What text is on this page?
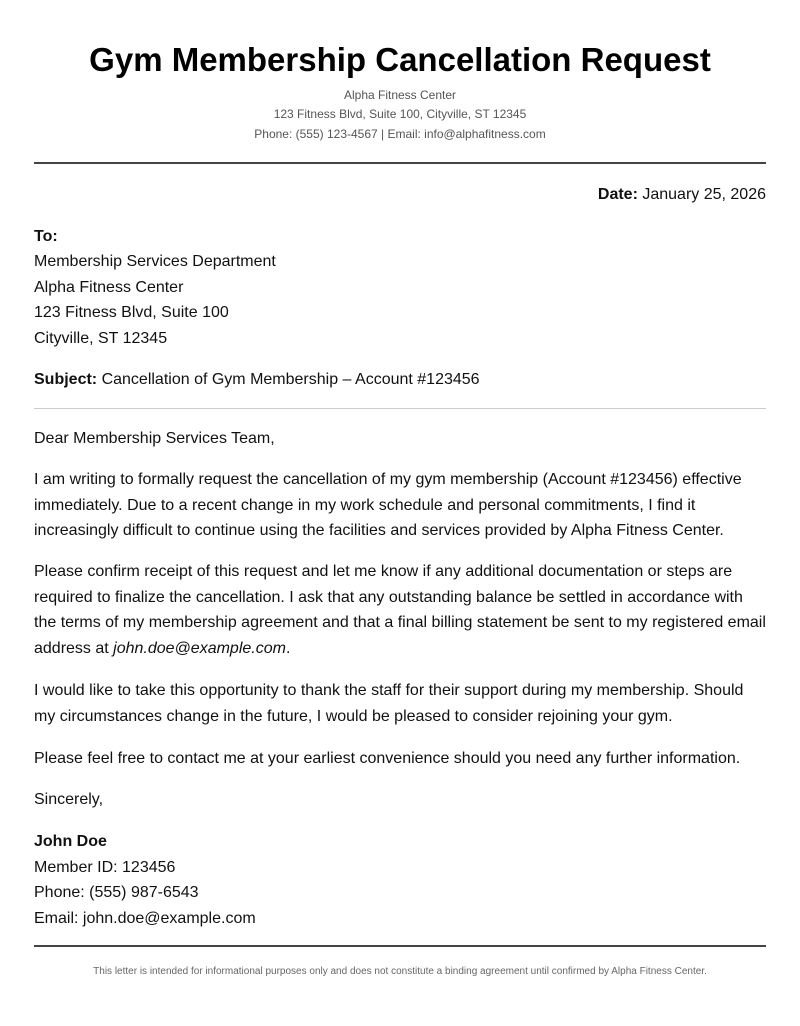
Gym Membership Cancellation Request
Alpha Fitness Center
123 Fitness Blvd, Suite 100, Cityville, ST 12345
Phone: (555) 123-4567 | Email: info@alphafitness.com
Date: January 25, 2026
To:
Membership Services Department
Alpha Fitness Center
123 Fitness Blvd, Suite 100
Cityville, ST 12345
Subject: Cancellation of Gym Membership – Account #123456
Dear Membership Services Team,
I am writing to formally request the cancellation of my gym membership (Account #123456) effective immediately. Due to a recent change in my work schedule and personal commitments, I find it increasingly difficult to continue using the facilities and services provided by Alpha Fitness Center.
Please confirm receipt of this request and let me know if any additional documentation or steps are required to finalize the cancellation. I ask that any outstanding balance be settled in accordance with the terms of my membership agreement and that a final billing statement be sent to my registered email address at john.doe@example.com.
I would like to take this opportunity to thank the staff for their support during my membership. Should my circumstances change in the future, I would be pleased to consider rejoining your gym.
Please feel free to contact me at your earliest convenience should you need any further information.
Sincerely,
John Doe
Member ID: 123456
Phone: (555) 987-6543
Email: john.doe@example.com
This letter is intended for informational purposes only and does not constitute a binding agreement until confirmed by Alpha Fitness Center.
